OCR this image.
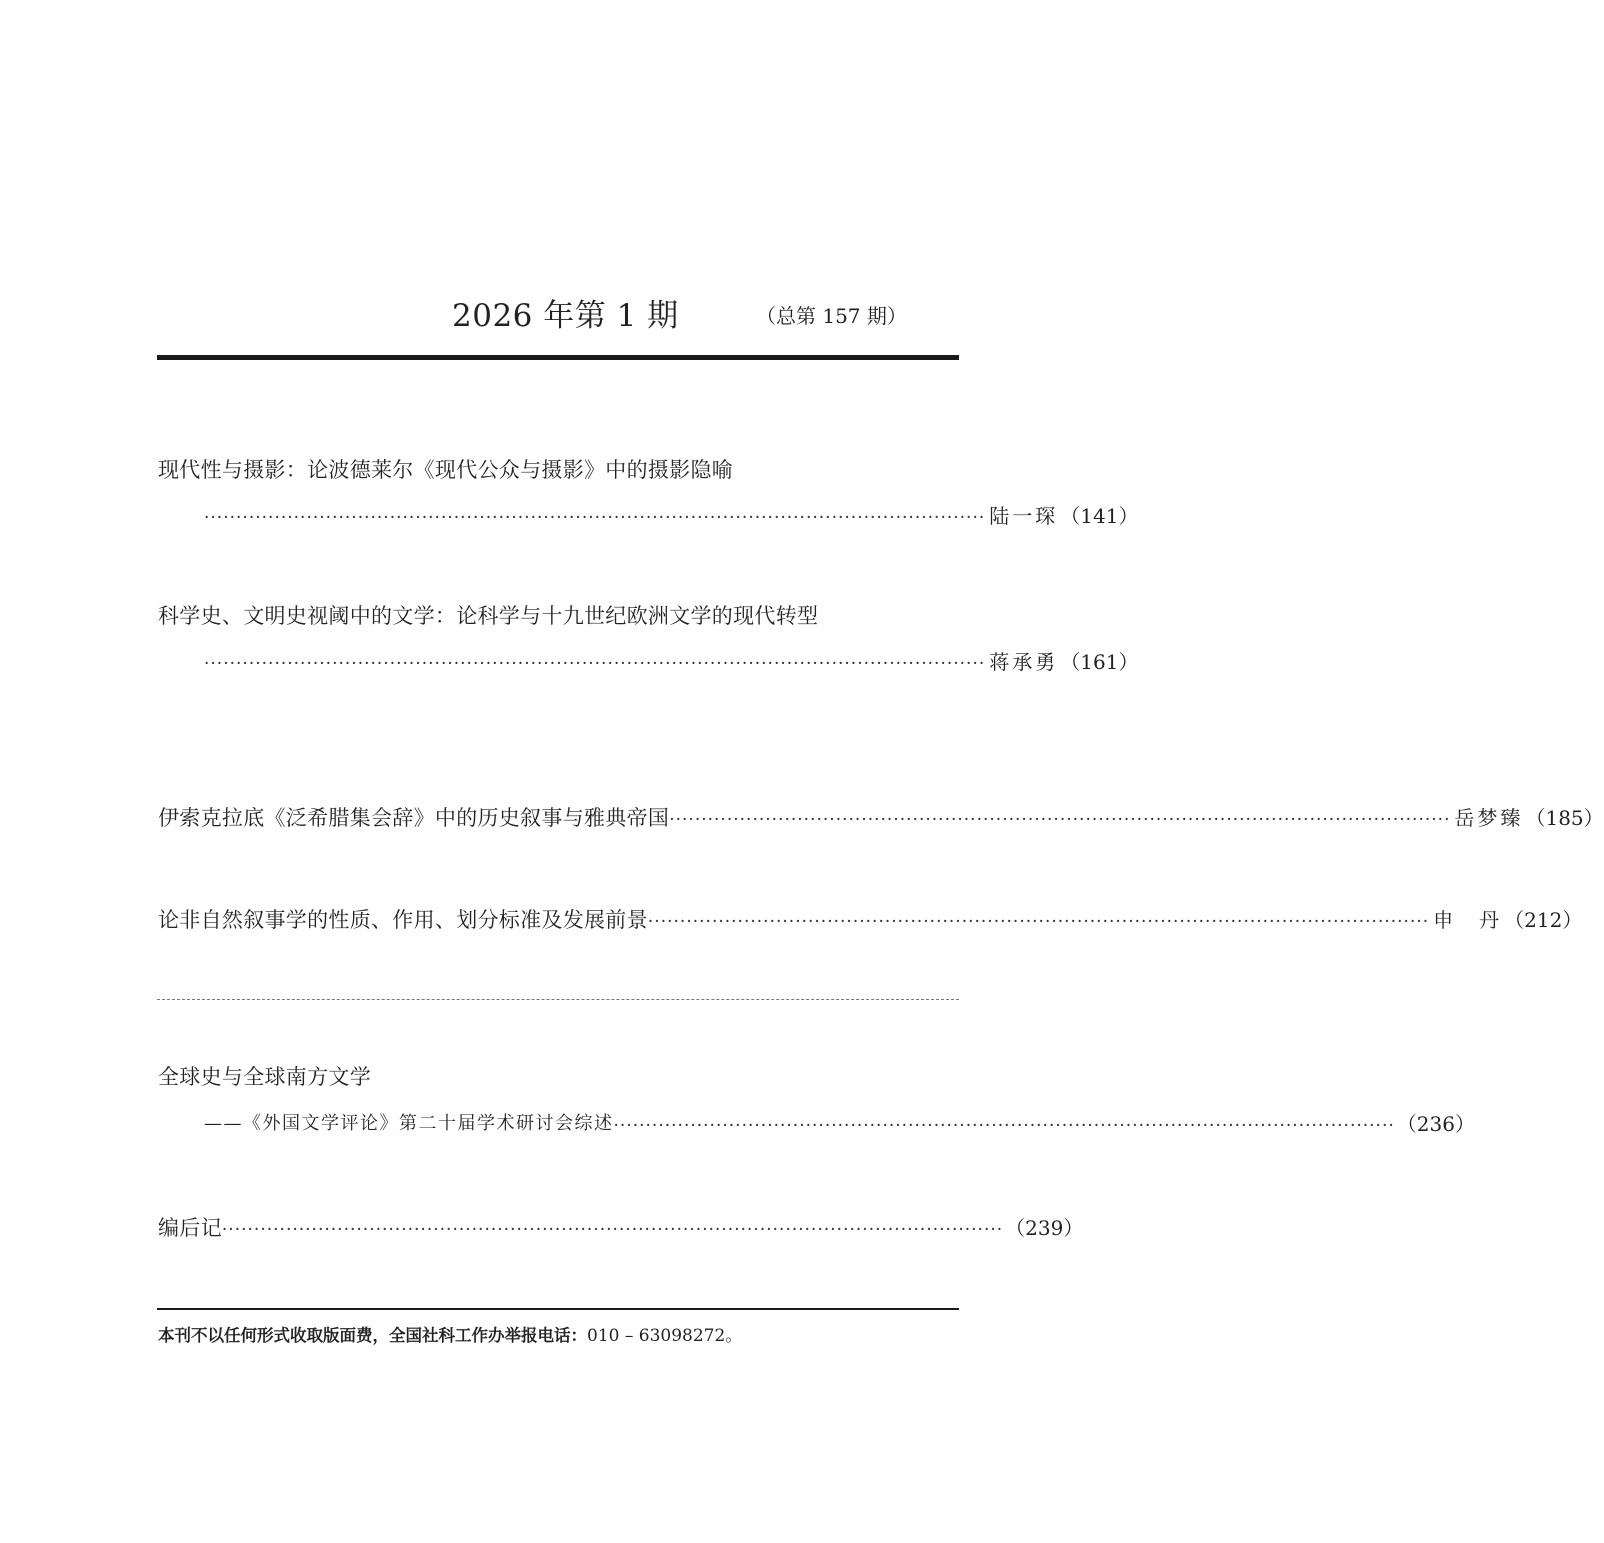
2026 年第 1 期	（总第 157 期）
现代性与摄影：论波德莱尔《现代公众与摄影》中的摄影隐喻
·························································································································· 陆一琛 （141）
科学史、文明史视阈中的文学：论科学与十九世纪欧洲文学的现代转型
·························································································································· 蒋承勇 （161）
伊索克拉底《泛希腊集会辞》中的历史叙事与雅典帝国 ·························································································································· 岳梦臻 （185）
论非自然叙事学的性质、作用、划分标准及发展前景 ·························································································································· 申　丹 （212）
全球史与全球南方文学
——《外国文学评论》第二十届学术研讨会综述 ·························································································································· （236）
编后记 ·························································································································· （239）
本刊不以任何形式收取版面费，全国社科工作办举报电话：010 – 63098272。
